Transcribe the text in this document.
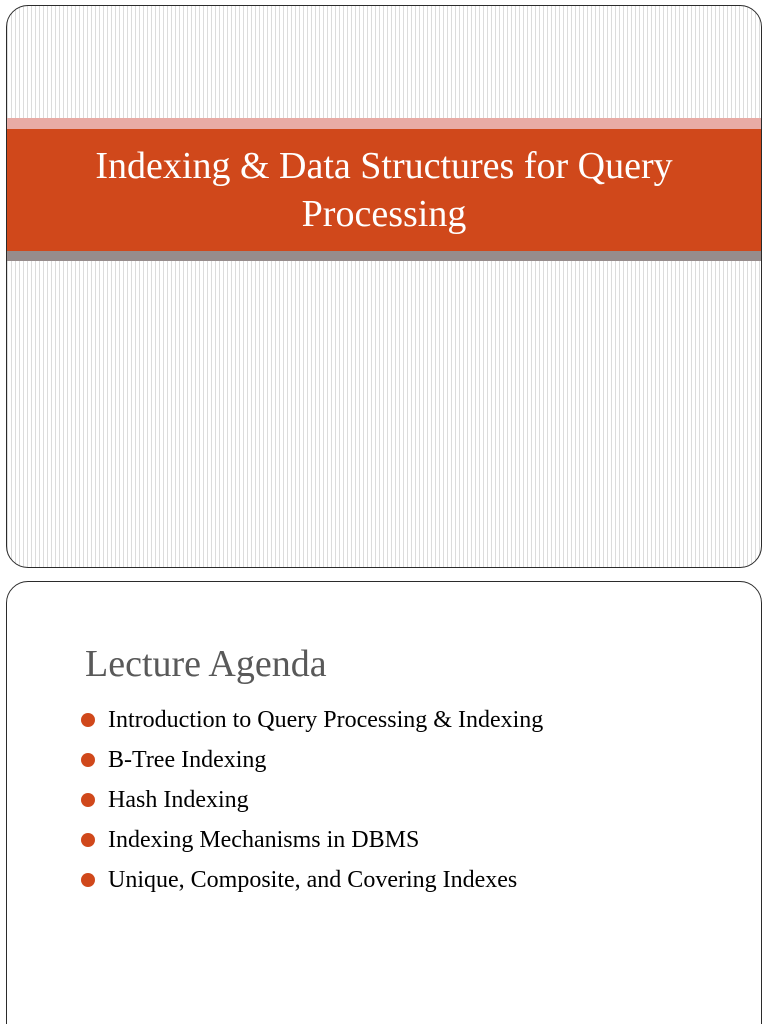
Indexing & Data Structures for Query Processing
Lecture Agenda
Introduction to Query Processing & Indexing
B-Tree Indexing
Hash Indexing
Indexing Mechanisms in DBMS
Unique, Composite, and Covering Indexes
